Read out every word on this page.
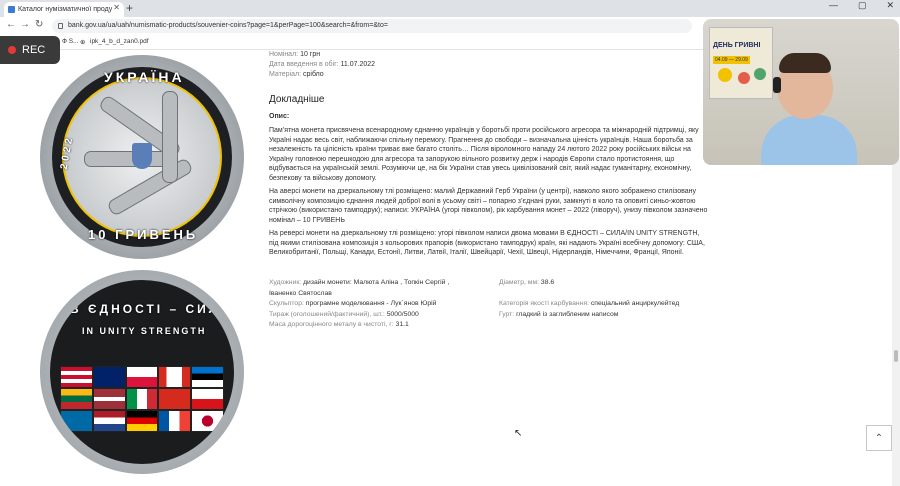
Каталог нумізматичної проду ✕ +	— ▢ ✕
← → ↻	bank.gov.ua/ua/uah/numismatic-products/souvenier-coins?page=1&perPage=100&search=&from=&to=
Ф S... ⊕ ipk_4_b_d_zan0.pdf
REC
УКРАЇНА
2022
10 ГРИВЕНЬ
В ЄДНОСТІ – СИЛА
IN UNITY STRENGTH
Номінал: 10 грн
Дата введення в обіг: 11.07.2022
Матеріал: срібло
Докладніше
Опис:
Пам’ятна монета присвячена всенародному єднанню українців у боротьбі проти російського агресора та міжнародній підтримці, яку Україні надає весь світ, наближаючи спільну перемогу. Прагнення до свободи – визначальна цінність українців. Наша боротьба за незалежність та цілісність країни триває вже багато століть… Після віроломного нападу 24 лютого 2022 року російських військ на Україну головною перешкодою для агресора та запорукою вільного розвитку держ і народів Європи стало протистояння, що відбувається на українській землі. Розуміючи це, на бік України став увесь цивілізований світ, який надає гуманітарну, економічну, безпекову та військову допомогу.
На аверсі монети на дзеркальному тлі розміщено: малий Державний Герб України (у центрі), навколо якого зображено стилізовану символічну композицію єднання людей доброї волі в усьому світі – попарно з’єднані руки, замкнуті в коло та оповиті синьо-жовтою стрічкою (використано тамподрук); написи: УКРАЇНА (угорі півколом), рік карбування монет – 2022 (ліворуч), унизу півколом зазначено номінал – 10 ГРИВЕНЬ
На реверсі монети на дзеркальному тлі розміщено: угорі півколом написи двома мовами В ЄДНОСТІ – СИЛА/IN UNITY STRENGTH, під якими стилізована композиція з кольорових прапорів (використано тамподрук) країн, які надають Україні всебічну допомогу: США, Великобританії, Польщі, Канади, Естонії, Литви, Латвії, Італії, Швейцарії, Чехії, Швеції, Нідерландів, Німеччини, Франції, Японії.
Художник: дизайн монети: Малюта Аліна , Топкін Сергій ,	Діаметр, мм: 38.6
Іваненко Святослав
Скульптор: програмне моделювання - Лук`янов Юрій	Категорія якості карбування: спеціальний анциркулейтед
Тираж (оголошений/фактичний), шт.: 5000/5000	Гурт: гладкий із заглибленим написом
Маса дорогоцінного металу в чистоті, г: 31.1
⌃
↖
ДЕНЬ ГРИВНІ
04.09 — 29.09
